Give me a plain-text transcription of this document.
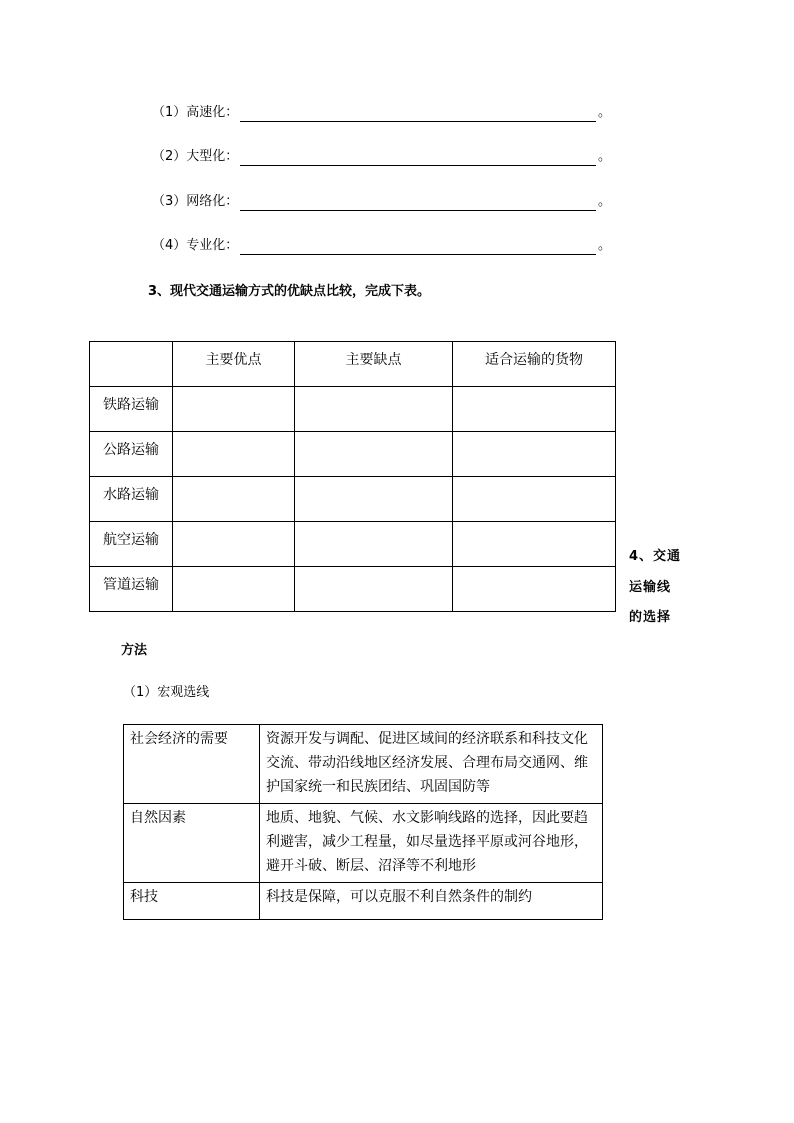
（1）高速化：	。
（2）大型化：	。
（3）网络化：	。
（4）专业化：	。
3、现代交通运输方式的优缺点比较，完成下表。
	主要优点	主要缺点	适合运输的货物
铁路运输			
公路运输			
水路运输			
航空运输			
管道运输			
4、交通
运输线
的选择
方法
（1）宏观选线
社会经济的需要	资源开发与调配、促进区域间的经济联系和科技文化交流、带动沿线地区经济发展、合理布局交通网、维护国家统一和民族团结、巩固国防等
自然因素	地质、地貌、气候、水文影响线路的选择，因此要趋利避害，减少工程量，如尽量选择平原或河谷地形，避开斗破、断层、沼泽等不利地形
科技	科技是保障，可以克服不利自然条件的制约
